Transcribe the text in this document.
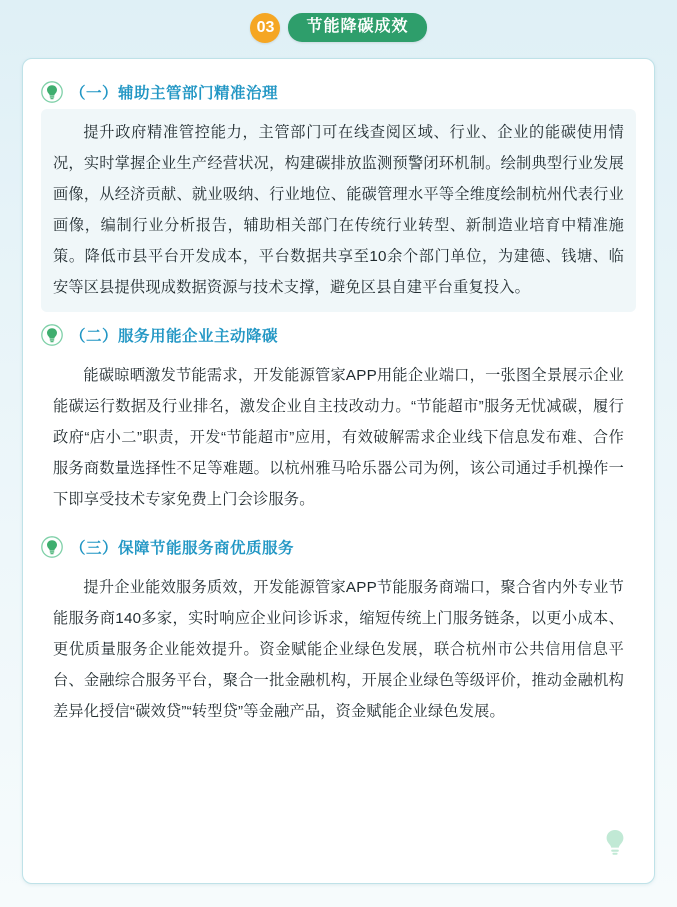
03	节能降碳成效
（一）辅助主管部门精准治理

提升政府精准管控能力，主管部门可在线查阅区域、行业、企业的能碳使用情况，实时掌握企业生产经营状况，构建碳排放监测预警闭环机制。绘制典型行业发展画像，从经济贡献、就业吸纳、行业地位、能碳管理水平等全维度绘制杭州代表行业画像，编制行业分析报告，辅助相关部门在传统行业转型、新制造业培育中精准施策。降低市县平台开发成本，平台数据共享至10余个部门单位，为建德、钱塘、临安等区县提供现成数据资源与技术支撑，避免区县自建平台重复投入。

（二）服务用能企业主动降碳

能碳晾晒激发节能需求，开发能源管家APP用能企业端口，一张图全景展示企业能碳运行数据及行业排名，激发企业自主技改动力。“节能超市”服务无忧减碳，履行政府“店小二”职责，开发“节能超市”应用，有效破解需求企业线下信息发布难、合作服务商数量选择性不足等难题。以杭州雅马哈乐器公司为例，该公司通过手机操作一下即享受技术专家免费上门会诊服务。

（三）保障节能服务商优质服务

提升企业能效服务质效，开发能源管家APP节能服务商端口，聚合省内外专业节能服务商140多家，实时响应企业问诊诉求，缩短传统上门服务链条，以更小成本、更优质量服务企业能效提升。资金赋能企业绿色发展，联合杭州市公共信用信息平台、金融综合服务平台，聚合一批金融机构，开展企业绿色等级评价，推动金融机构差异化授信“碳效贷”“转型贷”等金融产品，资金赋能企业绿色发展。
